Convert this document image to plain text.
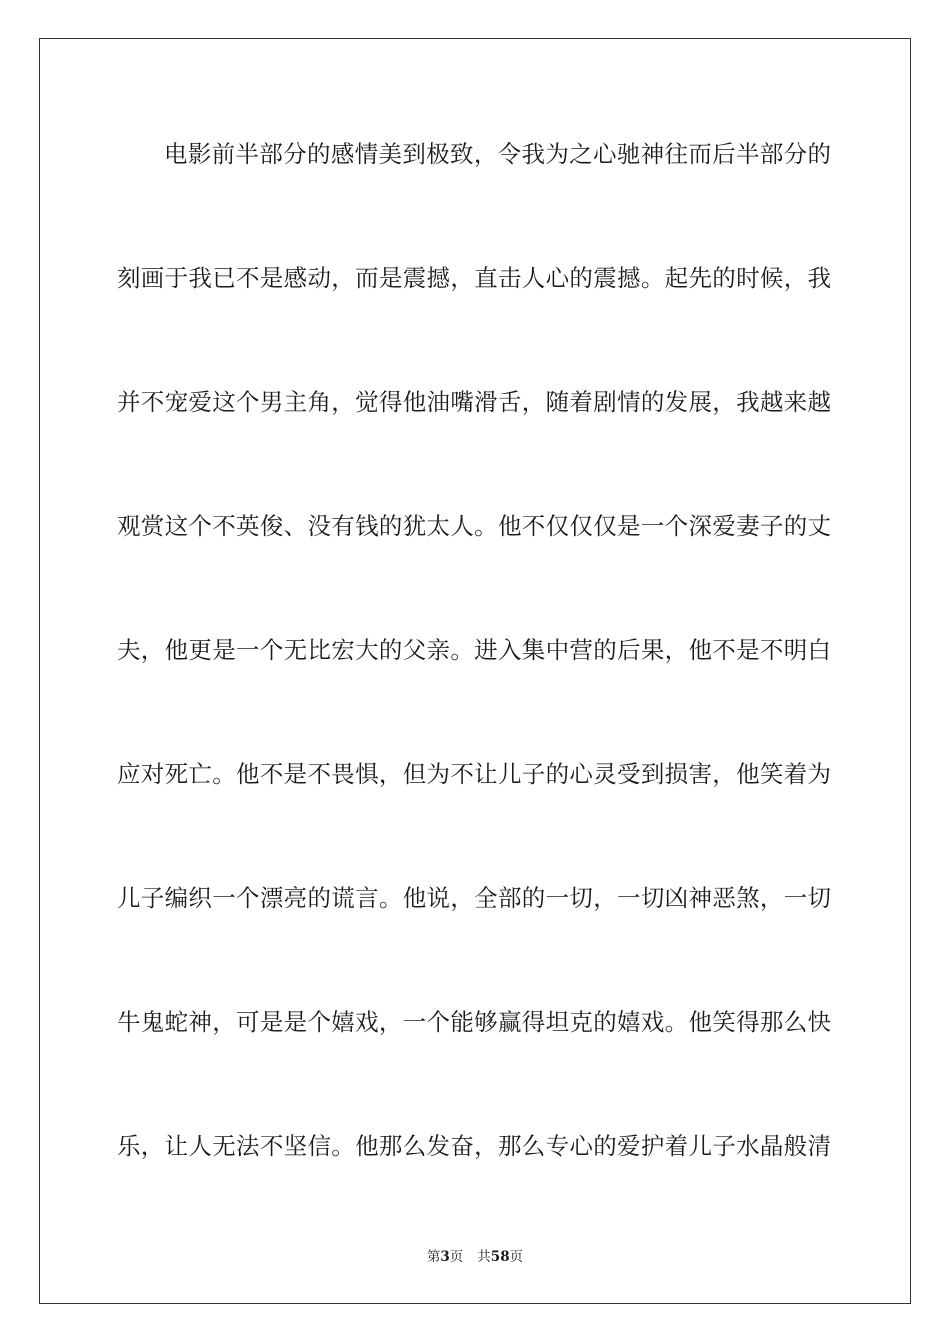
电影前半部分的感情美到极致，令我为之心驰神往而后半部分的
刻画于我已不是感动，而是震撼，直击人心的震撼。起先的时候，我
并不宠爱这个男主角，觉得他油嘴滑舌，随着剧情的发展，我越来越
观赏这个不英俊、没有钱的犹太人。他不仅仅仅是一个深爱妻子的丈
夫，他更是一个无比宏大的父亲。进入集中营的后果，他不是不明白
应对死亡。他不是不畏惧，但为不让儿子的心灵受到损害，他笑着为
儿子编织一个漂亮的谎言。他说，全部的一切，一切凶神恶煞，一切
牛鬼蛇神，可是是个嬉戏，一个能够赢得坦克的嬉戏。他笑得那么快
乐，让人无法不坚信。他那么发奋，那么专心的爱护着儿子水晶般清
第3页 共58页
